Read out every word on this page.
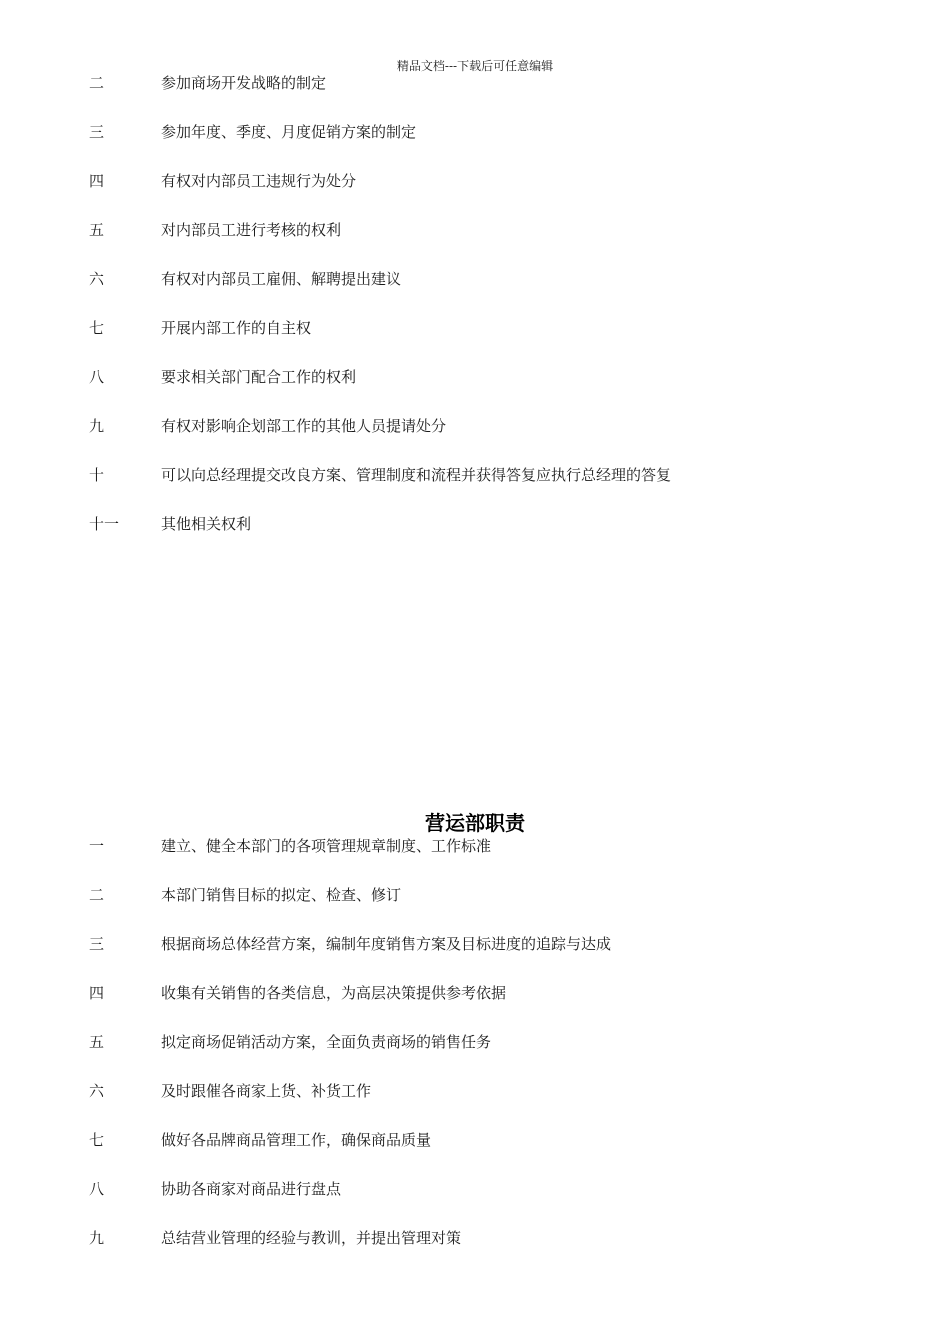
精品文档---下载后可任意编辑
二	参加商场开发战略的制定
三	参加年度、季度、月度促销方案的制定
四	有权对内部员工违规行为处分
五	对内部员工进行考核的权利
六	有权对内部员工雇佣、解聘提出建议
七	开展内部工作的自主权
八	要求相关部门配合工作的权利
九	有权对影响企划部工作的其他人员提请处分
十	可以向总经理提交改良方案、管理制度和流程并获得答复应执行总经理的答复
十一	其他相关权利
营运部职责
一	建立、健全本部门的各项管理规章制度、工作标准
二	本部门销售目标的拟定、检查、修订
三	根据商场总体经营方案，编制年度销售方案及目标进度的追踪与达成
四	收集有关销售的各类信息，为高层决策提供参考依据
五	拟定商场促销活动方案，全面负责商场的销售任务
六	及时跟催各商家上货、补货工作
七	做好各品牌商品管理工作，确保商品质量
八	协助各商家对商品进行盘点
九	总结营业管理的经验与教训，并提出管理对策
